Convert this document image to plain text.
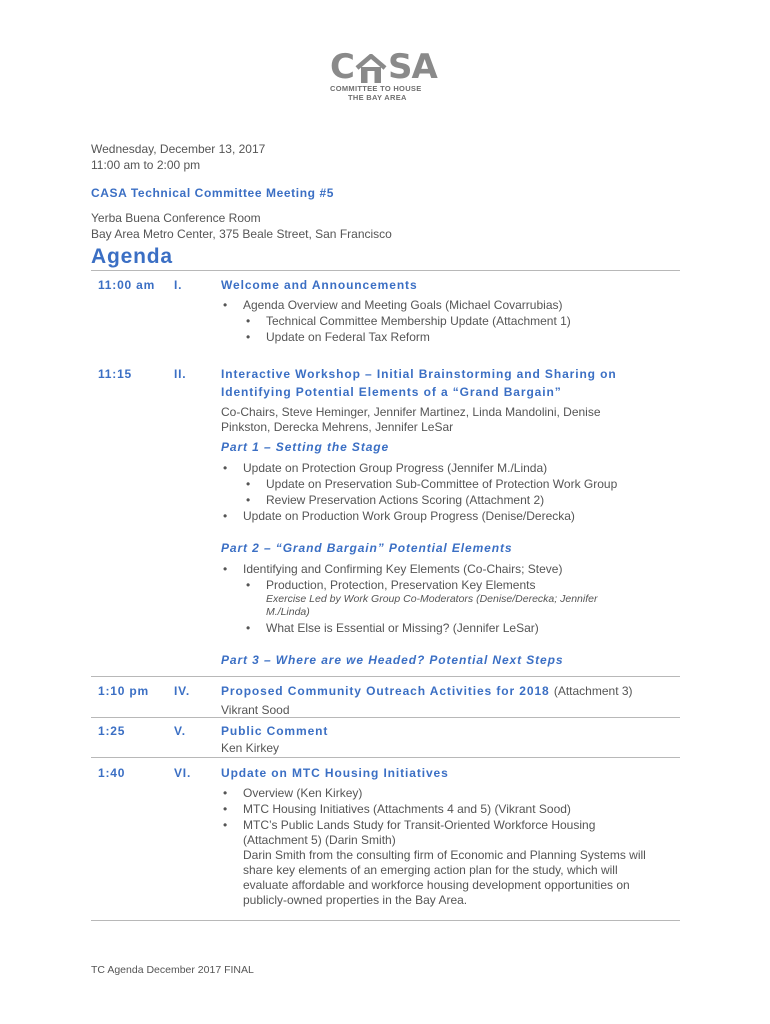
C SA
COMMITTEE TO HOUSE
THE BAY AREA
Wednesday, December 13, 2017
11:00 am to 2:00 pm
CASA Technical Committee Meeting #5
Yerba Buena Conference Room
Bay Area Metro Center, 375 Beale Street, San Francisco
Agenda
11:00 am I.	Welcome and Announcements
• Agenda Overview and Meeting Goals (Michael Covarrubias)
• Technical Committee Membership Update (Attachment 1)
• Update on Federal Tax Reform
11:15	II.	Interactive Workshop – Initial Brainstorming and Sharing on
Identifying Potential Elements of a “Grand Bargain”
Co-Chairs, Steve Heminger, Jennifer Martinez, Linda Mandolini, Denise
Pinkston, Derecka Mehrens, Jennifer LeSar
Part 1 – Setting the Stage
• Update on Protection Group Progress (Jennifer M./Linda)
• Update on Preservation Sub-Committee of Protection Work Group
• Review Preservation Actions Scoring (Attachment 2)
• Update on Production Work Group Progress (Denise/Derecka)
Part 2 – “Grand Bargain” Potential Elements
• Identifying and Confirming Key Elements (Co-Chairs; Steve)
• Production, Protection, Preservation Key Elements
Exercise Led by Work Group Co-Moderators (Denise/Derecka; Jennifer
M./Linda)
• What Else is Essential or Missing? (Jennifer LeSar)
Part 3 – Where are we Headed? Potential Next Steps
1:10 pm IV.	Proposed Community Outreach Activities for 2018 (Attachment 3)
Vikrant Sood
1:25	V.	Public Comment
Ken Kirkey
1:40	VI. Update on MTC Housing Initiatives
• Overview (Ken Kirkey)
• MTC Housing Initiatives (Attachments 4 and 5) (Vikrant Sood)
• MTC’s Public Lands Study for Transit-Oriented Workforce Housing
(Attachment 5) (Darin Smith)
Darin Smith from the consulting firm of Economic and Planning Systems will
share key elements of an emerging action plan for the study, which will
evaluate affordable and workforce housing development opportunities on
publicly-owned properties in the Bay Area.
TC Agenda December 2017 FINAL
